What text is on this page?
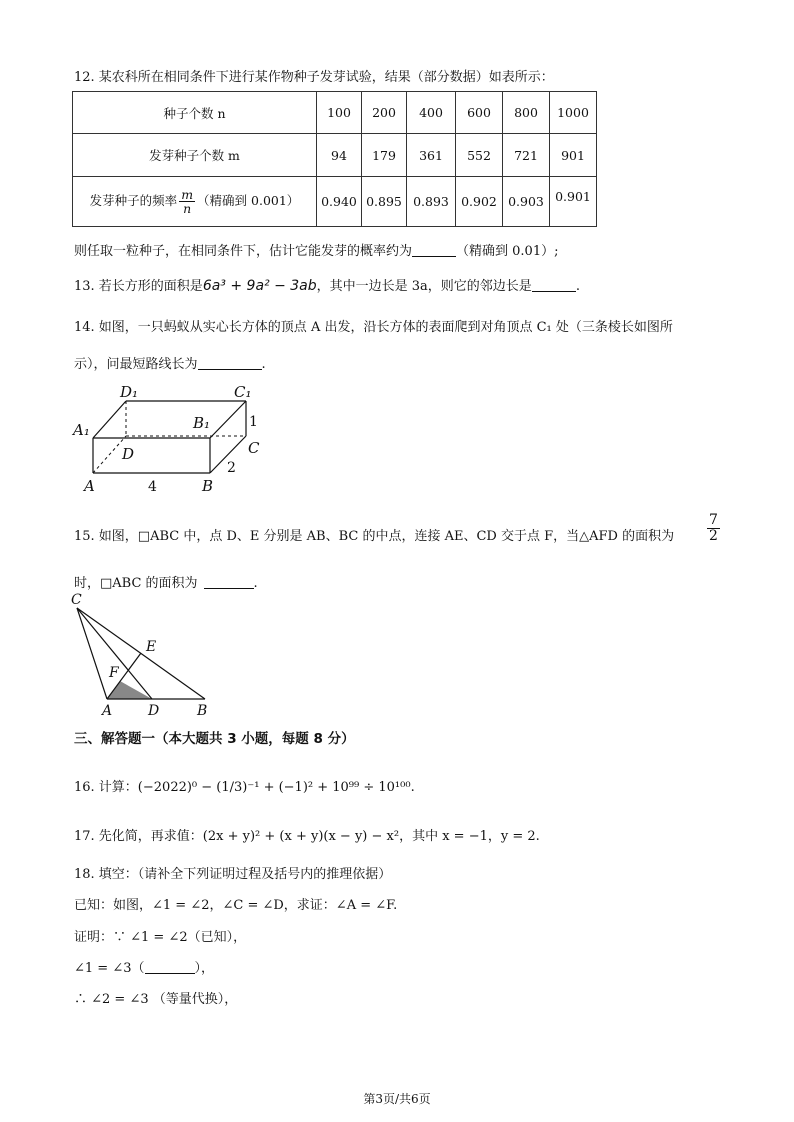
12. 某农科所在相同条件下进行某作物种子发芽试验，结果（部分数据）如表所示：
种子个数 n	100	200	400	600	800	1000
发芽种子个数 m	94	179	361	552	721	901
发芽种子的频率 $\frac{m}{n}$ （精确到 0.001）	0.940	0.895	0.893	0.902	0.903	0.901
则任取一粒种子，在相同条件下，估计它能发芽的概率约为	（精确到 0.01）;
13. 若长方形的面积是6a³ + 9a² − 3ab，其中一边长是 3a，则它的邻边长是	.
14. 如图，一只蚂蚁从实心长方体的顶点 A 出发，沿长方体的表面爬到对角顶点 C₁ 处（三条棱长如图所
示），问最短路线长为	.
D₁	C₁
A₁	B₁
D	C
A	B
4
2
1
15. 如图，□ABC 中，点 D、E 分别是 AB、BC 的中点，连接 AE、CD 交于点 F，当△AFD 的面积为 $\frac{7}{2}$
时，□ABC 的面积为	.
C
E
F
A	D	B
三、解答题一（本大题共 3 小题，每题 8 分）
16. 计算：(−2022)⁰ − (1/3)⁻¹ + (−1)² + 10⁹⁹ ÷ 10¹⁰⁰.
17. 先化简，再求值：(2x + y)² + (x + y)(x − y) − x²，其中 x = −1，y = 2.
18. 填空：（请补全下列证明过程及括号内的推理依据）
已知：如图，∠1 = ∠2，∠C = ∠D，求证：∠A = ∠F.
证明：∵ ∠1 = ∠2（已知），
∠1 = ∠3（	），
∴ ∠2 = ∠3 （等量代换），
第3页/共6页
